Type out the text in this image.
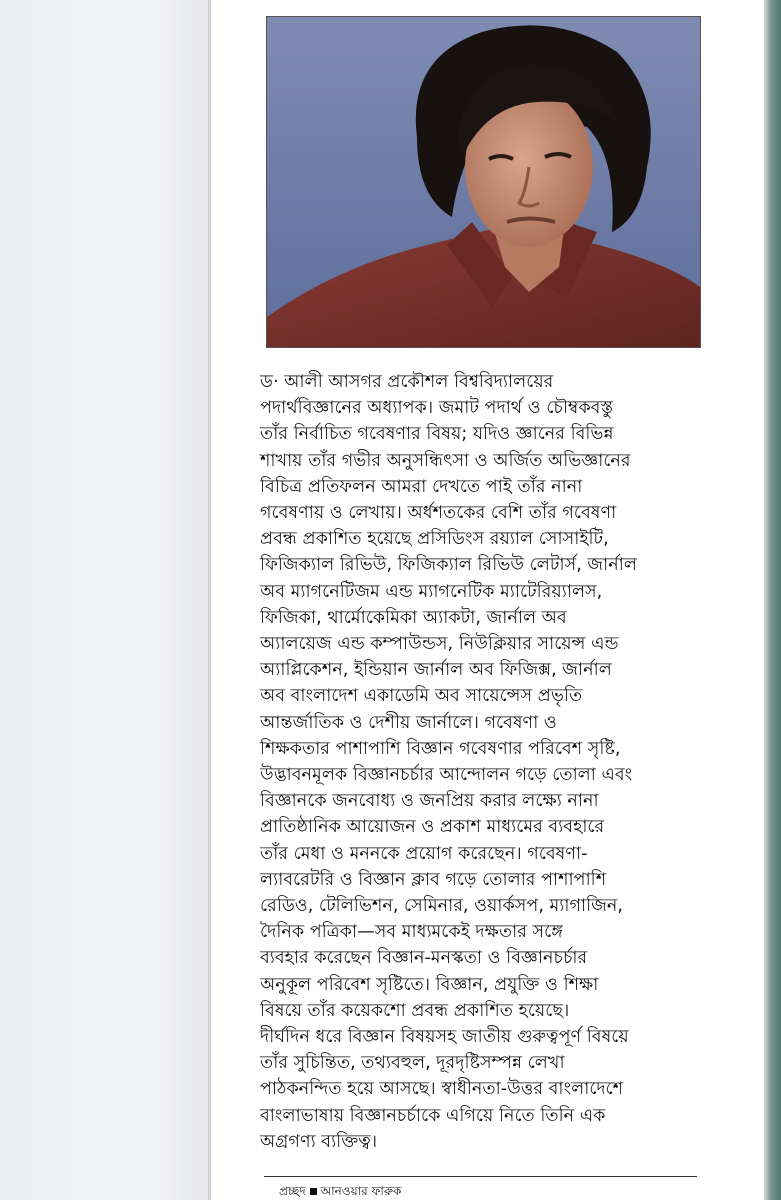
ড· আলী আসগর প্রকৌশল বিশ্ববিদ্যালয়ের
পদার্থবিজ্ঞানের অধ্যাপক। জমাট পদার্থ ও চৌম্বকবস্তু
তাঁর নির্বাচিত গবেষণার বিষয়; যদিও জ্ঞানের বিভিন্ন
শাখায় তাঁর গভীর অনুসন্ধিৎসা ও অর্জিত অভিজ্ঞানের
বিচিত্র প্রতিফলন আমরা দেখতে পাই তাঁর নানা
গবেষণায় ও লেখায়। অর্ধশতকের বেশি তাঁর গবেষণা
প্রবন্ধ প্রকাশিত হয়েছে প্রসিডিংস রয়্যাল সোসাইটি,
ফিজিক্যাল রিভিউ, ফিজিক্যাল রিভিউ লেটার্স, জার্নাল
অব ম্যাগনেটিজম এন্ড ম্যাগনেটিক ম্যাটেরিয়্যালস,
ফিজিকা, থার্মোকেমিকা অ্যাকটা, জার্নাল অব
অ্যালয়েজ এন্ড কম্পাউন্ডস, নিউক্লিয়ার সায়েন্স এন্ড
অ্যাপ্লিকেশন, ইন্ডিয়ান জার্নাল অব ফিজিক্স, জার্নাল
অব বাংলাদেশ একাডেমি অব সায়েন্সেস প্রভৃতি
আন্তর্জাতিক ও দেশীয় জার্নালে। গবেষণা ও
শিক্ষকতার পাশাপাশি বিজ্ঞান গবেষণার পরিবেশ সৃষ্টি,
উদ্ভাবনমূলক বিজ্ঞানচর্চার আন্দোলন গড়ে তোলা এবং
বিজ্ঞানকে জনবোধ্য ও জনপ্রিয় করার লক্ষ্যে নানা
প্রাতিষ্ঠানিক আয়োজন ও প্রকাশ মাধ্যমের ব্যবহারে
তাঁর মেধা ও মননকে প্রয়োগ করেছেন। গবেষণা-
ল্যাবরেটরি ও বিজ্ঞান ক্লাব গড়ে তোলার পাশাপাশি
রেডিও, টেলিভিশন, সেমিনার, ওয়ার্কসপ, ম্যাগাজিন,
দৈনিক পত্রিকা—সব মাধ্যমকেই দক্ষতার সঙ্গে
ব্যবহার করেছেন বিজ্ঞান-মনস্কতা ও বিজ্ঞানচর্চার
অনুকূল পরিবেশ সৃষ্টিতে। বিজ্ঞান, প্রযুক্তি ও শিক্ষা
বিষয়ে তাঁর কয়েকশো প্রবন্ধ প্রকাশিত হয়েছে।
দীর্ঘদিন ধরে বিজ্ঞান বিষয়সহ জাতীয় গুরুত্বপূর্ণ বিষয়ে
তাঁর সুচিন্তিত, তথ্যবহুল, দূরদৃষ্টিসম্পন্ন লেখা
পাঠকনন্দিত হয়ে আসছে। স্বাধীনতা-উত্তর বাংলাদেশে
বাংলাভাষায় বিজ্ঞানচর্চাকে এগিয়ে নিতে তিনি এক
অগ্রগণ্য ব্যক্তিত্ব।
প্রচ্ছদ আনওয়ার ফারুক
